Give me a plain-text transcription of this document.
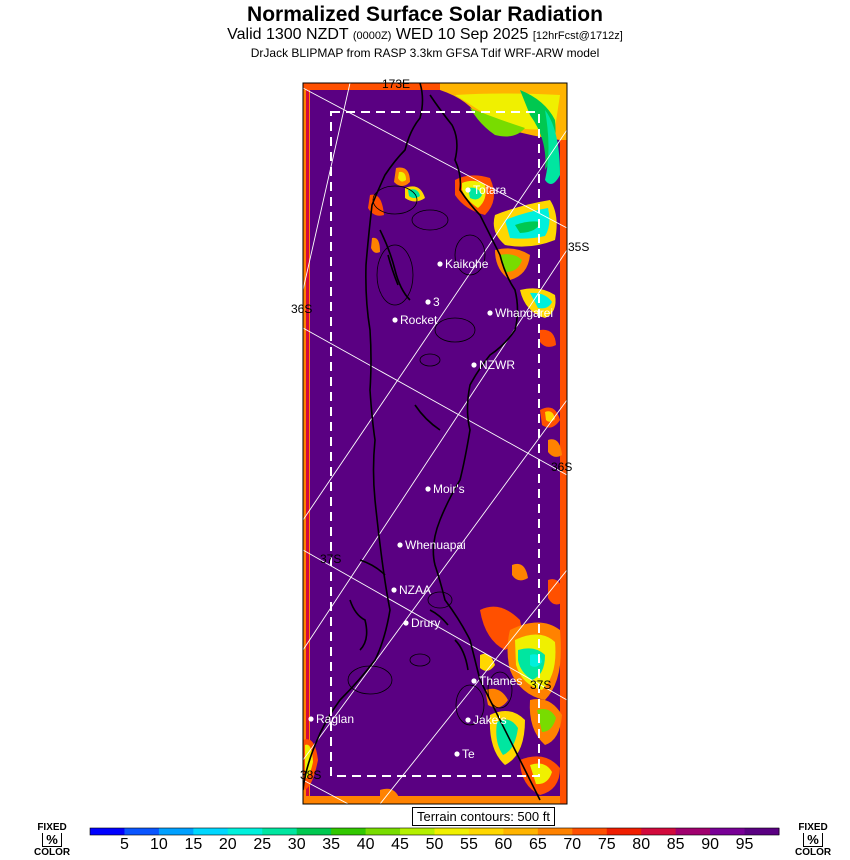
Normalized Surface Solar Radiation
Valid 1300 NZDT (0000Z) WED 10 Sep 2025 [12hrFcst@1712z]
DrJack BLIPMAP from RASP 3.3km GFSA Tdif WRF-ARW model
173E
35S
36S
36S
37S
37S
38S
Totara
Kaikohe
3
Rocket	Whangarei
NZWR
Moir's
Whenuapai
NZAA
Drury
Thames
Raglan	Jake's
Te
Terrain contours: 500 ft
FIXED
%
COLOR
FIXED
%
COLOR
5 10 15 20 25 30 35 40 45 50 55 60 65 70 75 80 85 90 95
